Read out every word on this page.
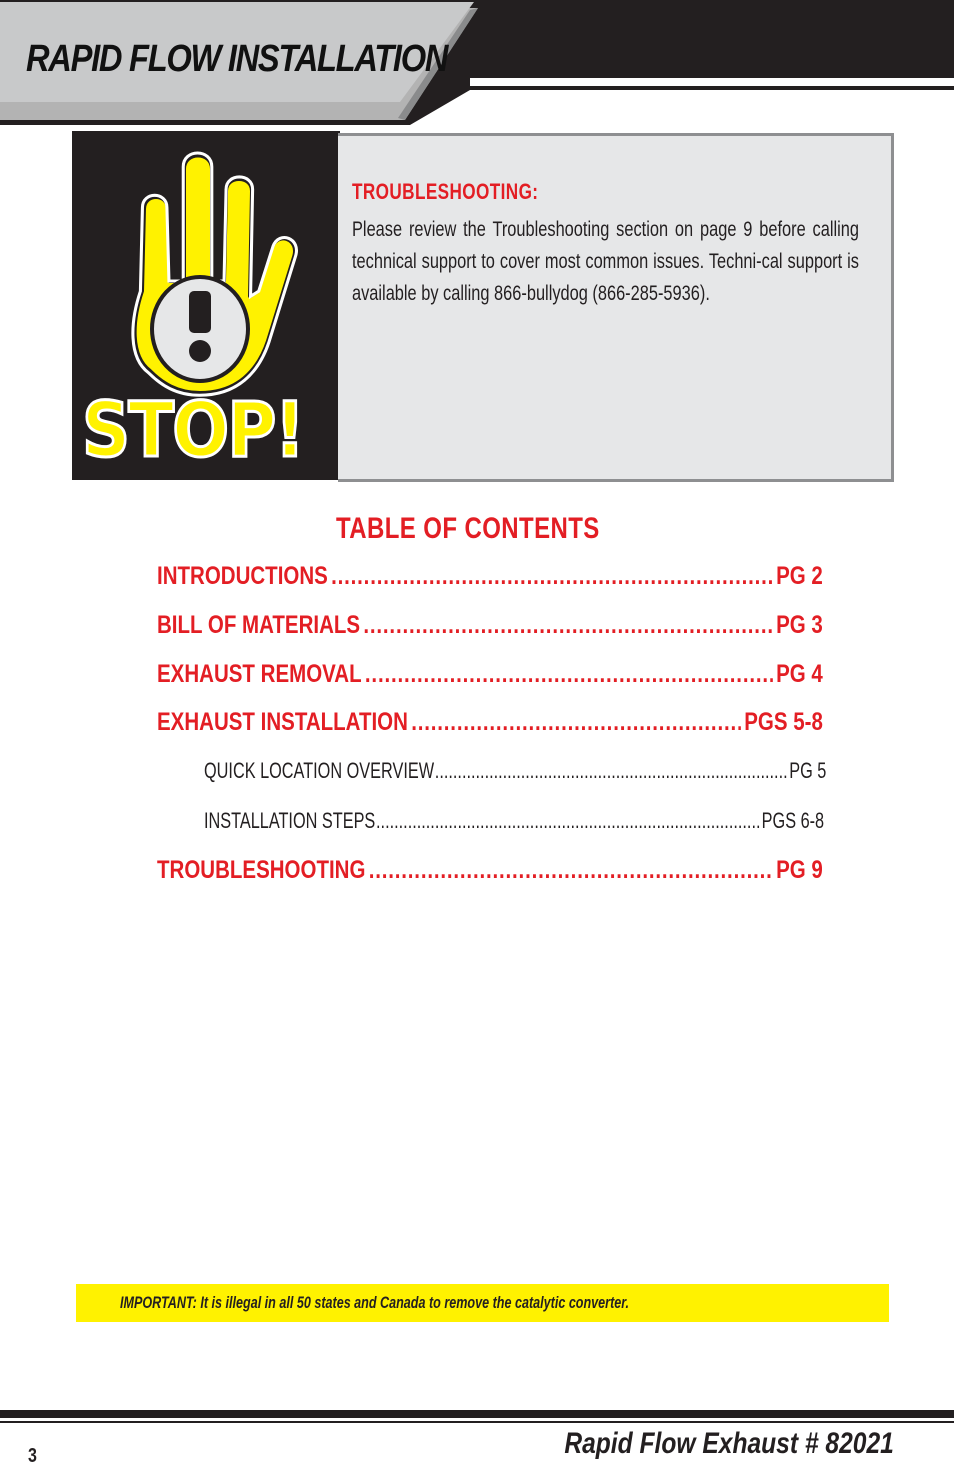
RAPID FLOW INSTALLATION
STOP!
TROUBLESHOOTING:
Please review the Troubleshooting section on page 9 before calling technical support to cover most common issues. Techni-cal support is available by calling 866-bullydog (866-285-5936).
TABLE OF CONTENTS
INTRODUCTIONS .....	PG 2
BILL OF MATERIALS .....	PG 3
EXHAUST REMOVAL .....	PG 4
EXHAUST INSTALLATION .....	PGS 5-8
QUICK LOCATION OVERVIEW .....	PG 5
INSTALLATION STEPS .....	PGS 6-8
TROUBLESHOOTING .....	PG 9
IMPORTANT: It is illegal in all 50 states and Canada to remove the catalytic converter.
3	Rapid Flow Exhaust # 82021
